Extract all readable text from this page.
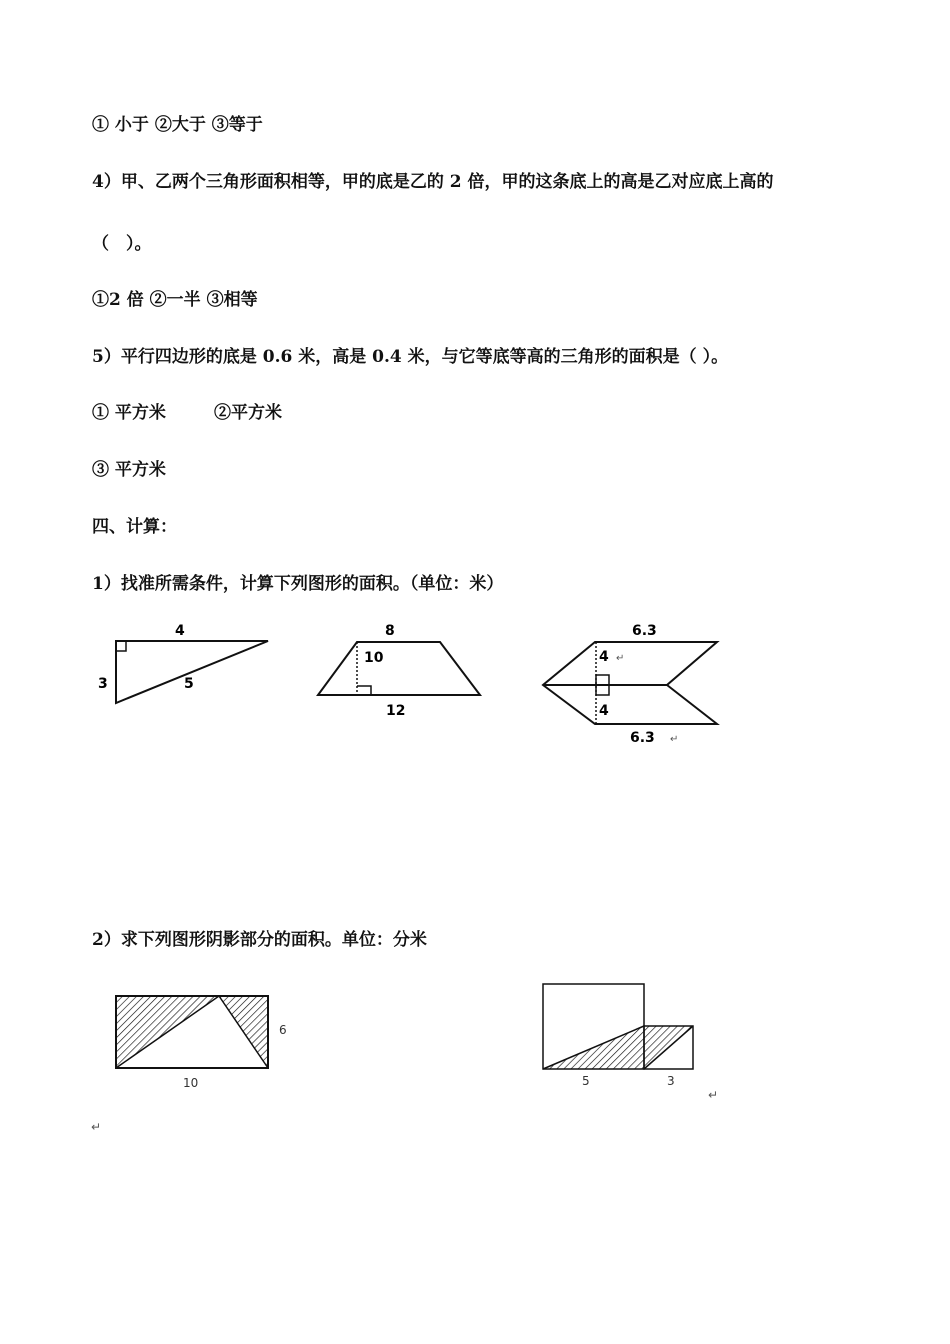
① 小于 ②大于 ③等于
4）甲、乙两个三角形面积相等，甲的底是乙的 2 倍，甲的这条底上的高是乙对应底上高的
（　）。
①2 倍 ②一半 ③相等
5）平行四边形的底是 0.6 米，高是 0.4 米，与它等底等高的三角形的面积是（ ）。
① 平方米	②平方米
③ 平方米
四、计算：
1）找准所需条件，计算下列图形的面积。（单位：米）
4
3	5
8
10
12
6.3
4 ↵
4
6.3 ↵
2）求下列图形阴影部分的面积。单位：分米
6
10	5	3
↵
↵
